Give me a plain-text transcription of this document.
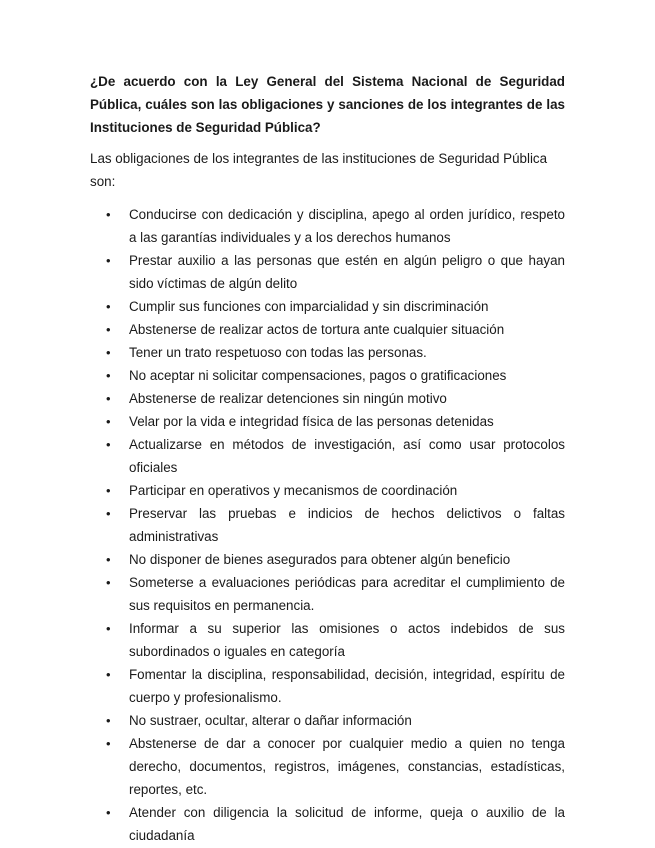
¿De acuerdo con la Ley General del Sistema Nacional de Seguridad Pública, cuáles son las obligaciones y sanciones de los integrantes de las Instituciones de Seguridad Pública?

Las obligaciones de los integrantes de las instituciones de Seguridad Pública son:

•	Conducirse con dedicación y disciplina, apego al orden jurídico, respeto a las garantías individuales y a los derechos humanos
•	Prestar auxilio a las personas que estén en algún peligro o que hayan sido víctimas de algún delito
•	Cumplir sus funciones con imparcialidad y sin discriminación
•	Abstenerse de realizar actos de tortura ante cualquier situación
•	Tener un trato respetuoso con todas las personas.
•	No aceptar ni solicitar compensaciones, pagos o gratificaciones
•	Abstenerse de realizar detenciones sin ningún motivo
•	Velar por la vida e integridad física de las personas detenidas
•	Actualizarse en métodos de investigación, así como usar protocolos oficiales
•	Participar en operativos y mecanismos de coordinación
•	Preservar las pruebas e indicios de hechos delictivos o faltas administrativas
•	No disponer de bienes asegurados para obtener algún beneficio
•	Someterse a evaluaciones periódicas para acreditar el cumplimiento de sus requisitos en permanencia.
•	Informar a su superior las omisiones o actos indebidos de sus subordinados o iguales en categoría
•	Fomentar la disciplina, responsabilidad, decisión, integridad, espíritu de cuerpo y profesionalismo.
•	No sustraer, ocultar, alterar o dañar información
•	Abstenerse de dar a conocer por cualquier medio a quien no tenga derecho, documentos, registros, imágenes, constancias, estadísticas, reportes, etc.
•	Atender con diligencia la solicitud de informe, queja o auxilio de la ciudadanía
